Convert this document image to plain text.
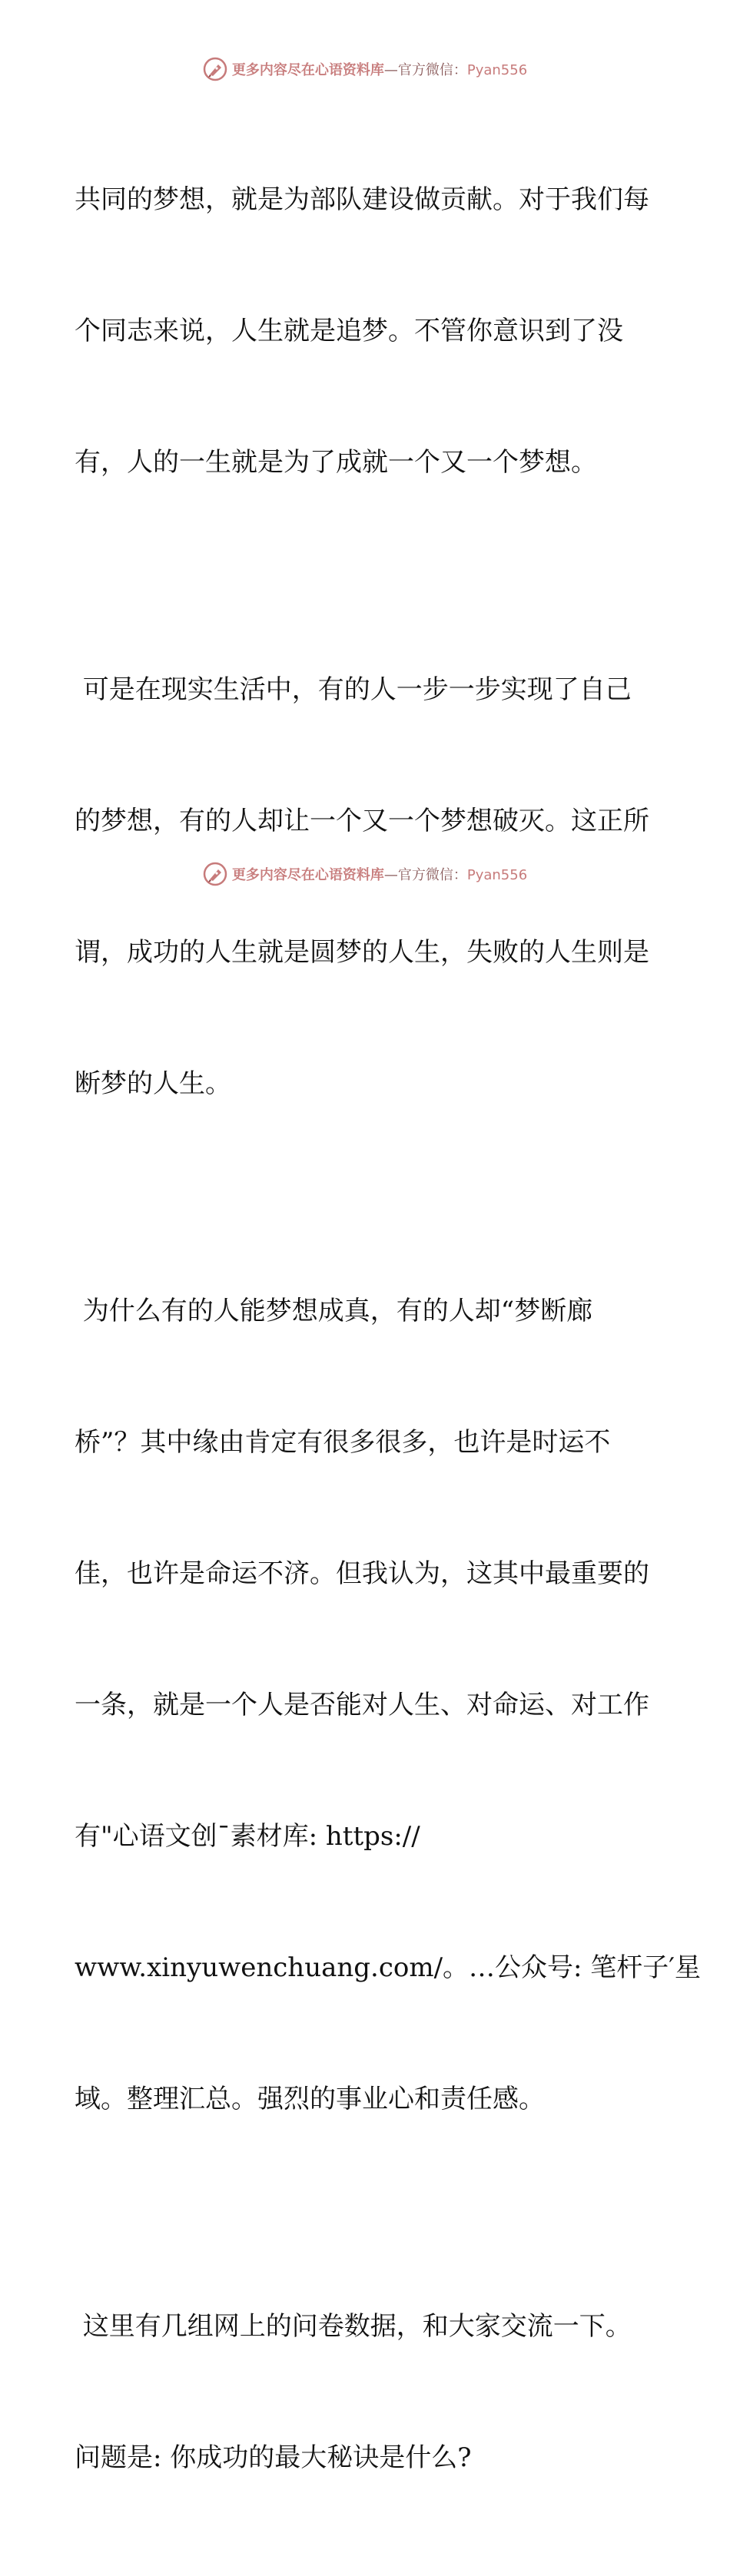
更多内容尽在心语资料库—官方微信：Pyan556

共同的梦想，就是为部队建设做贡献。对于我们每

个同志来说，人生就是追梦。不管你意识到了没

有，人的一生就是为了成就一个又一个梦想。

可是在现实生活中，有的人一步一步实现了自己

的梦想，有的人却让一个又一个梦想破灭。这正所

谓，成功的人生就是圆梦的人生，失败的人生则是

断梦的人生。

为什么有的人能梦想成真，有的人却“梦断廊

桥”？其中缘由肯定有很多很多，也许是时运不

佳，也许是命运不济。但我认为，这其中最重要的

一条，就是一个人是否能对人生、对命运、对工作

有"心语文创¯素材库: https://

www.xinyuwenchuang.com/。…公众号: 笔杆子′星

域。整理汇总。强烈的事业心和责任感。

这里有几组网上的问卷数据，和大家交流一下。

问题是: 你成功的最大秘诀是什么?

更多内容尽在心语资料库—官方微信：Pyan556
